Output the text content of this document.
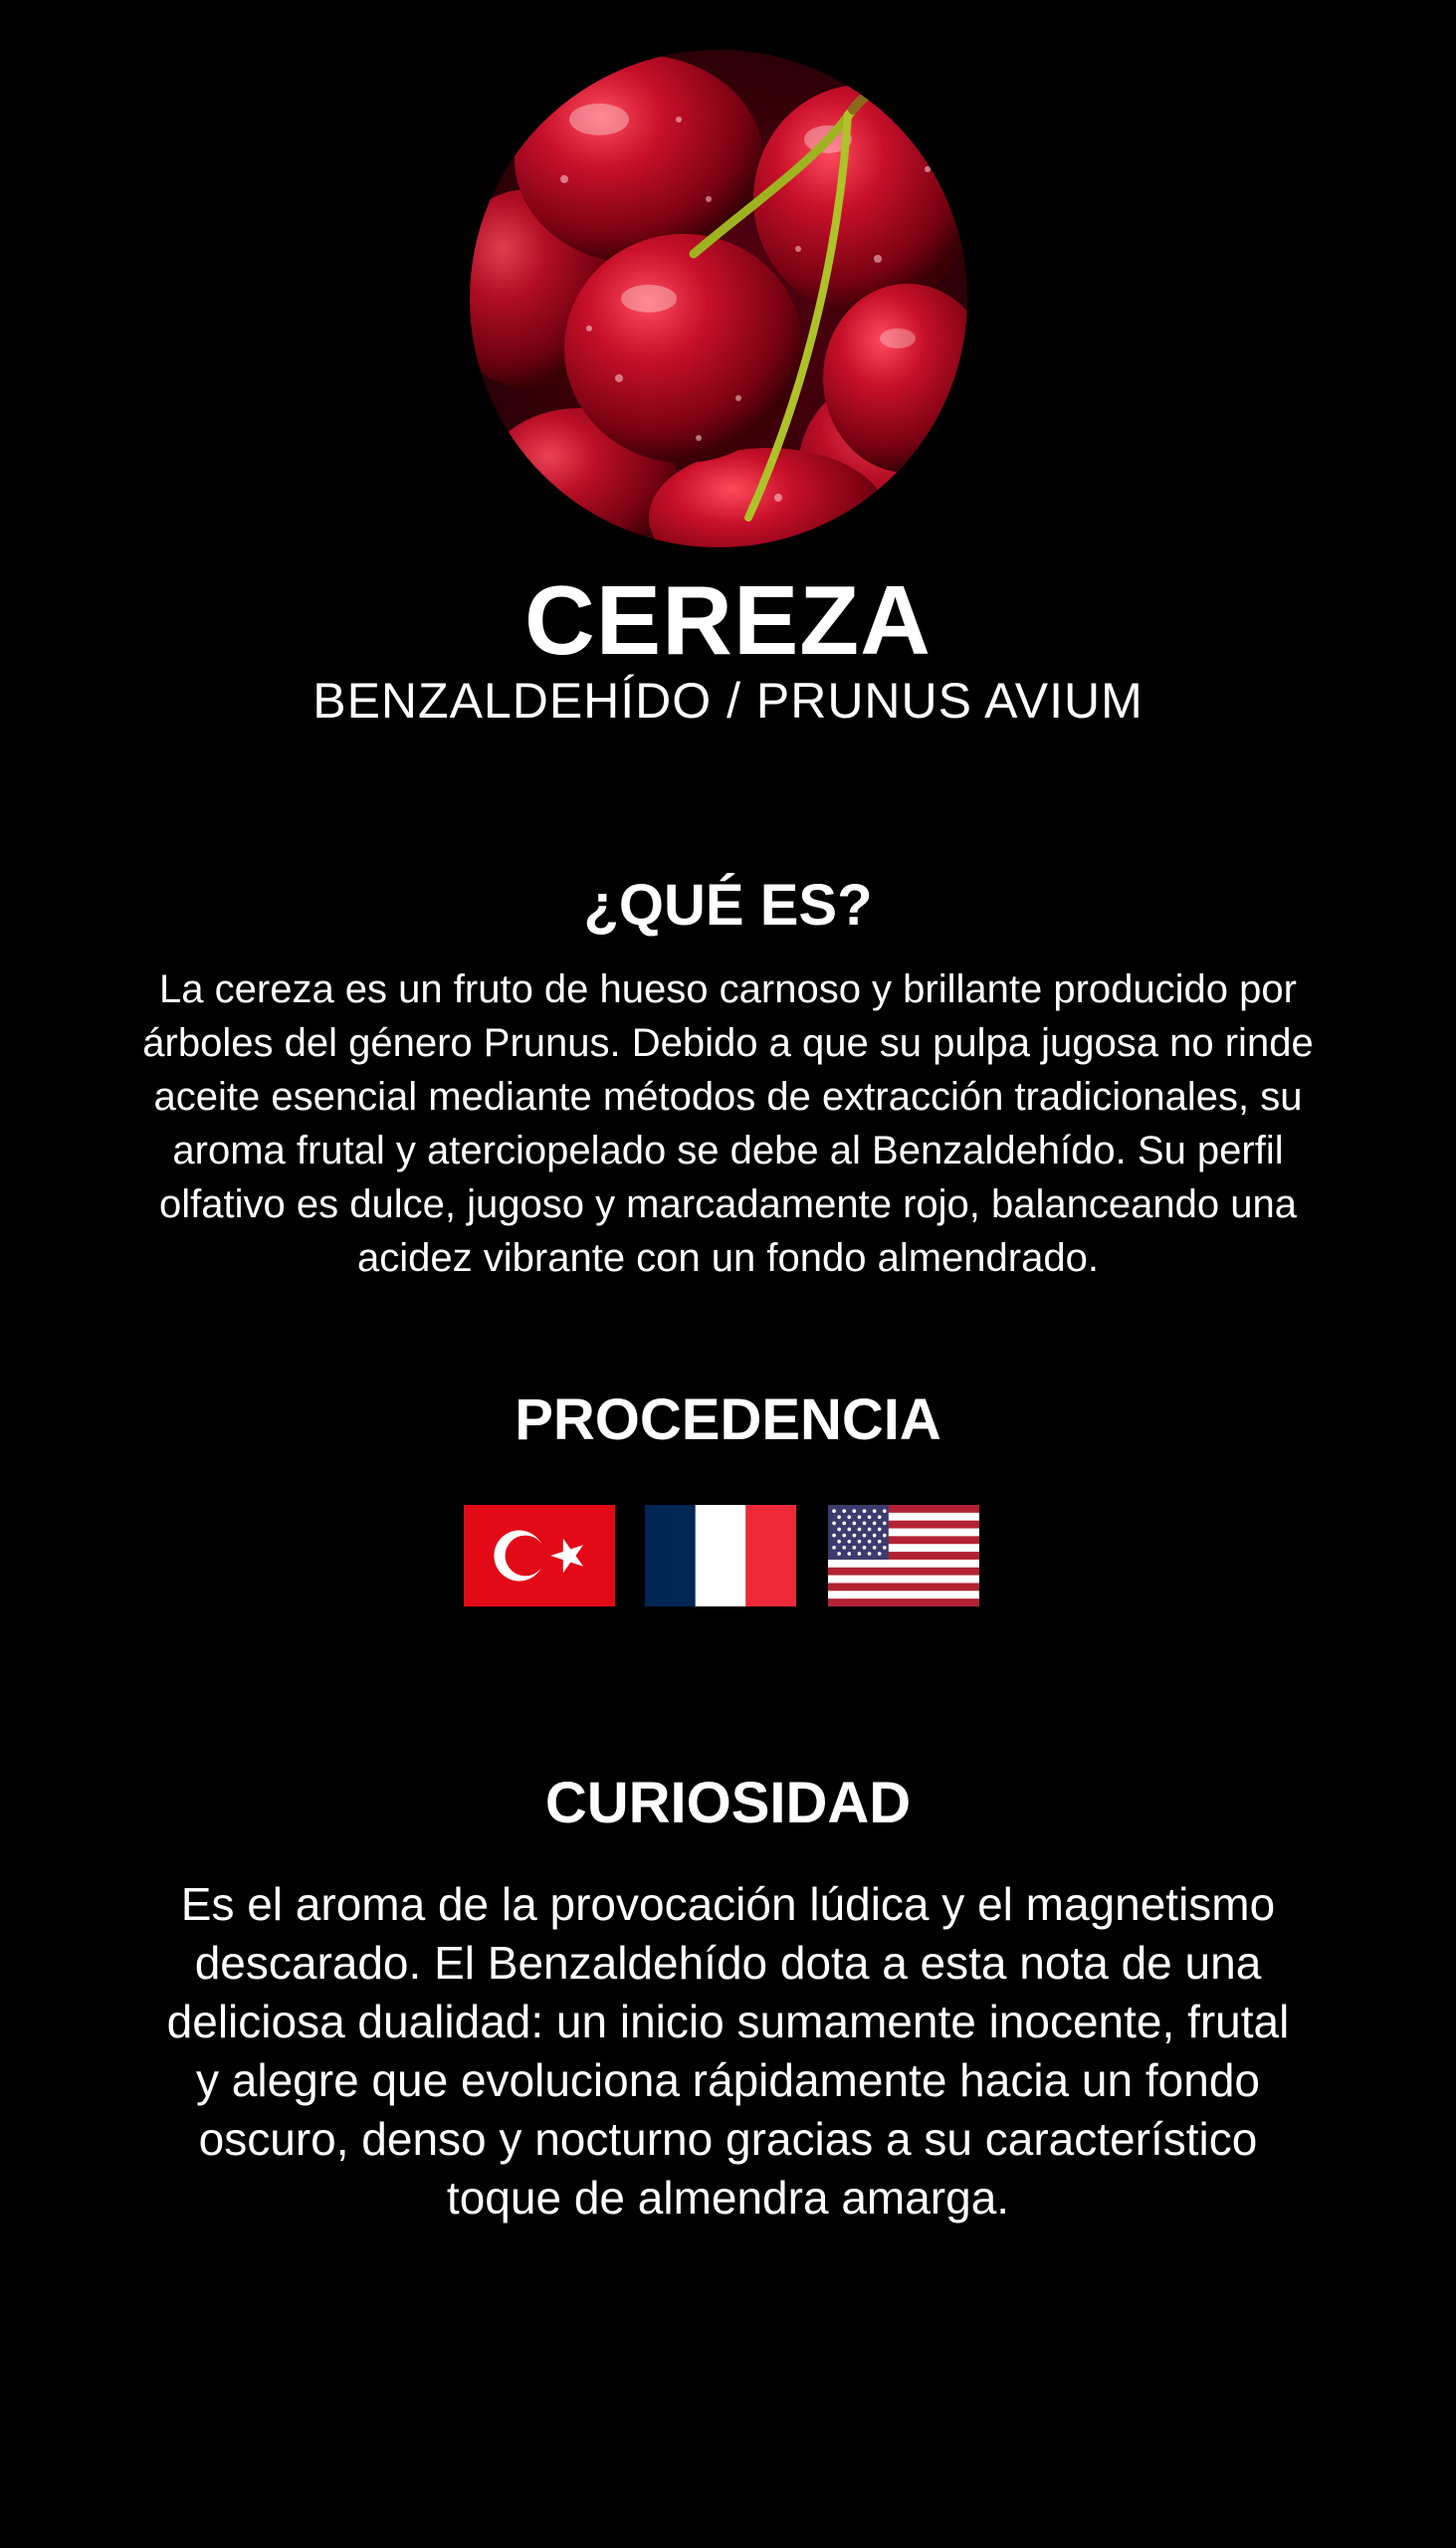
CEREZA
BENZALDEHÍDO / PRUNUS AVIUM
¿QUÉ ES?
La cereza es un fruto de hueso carnoso y brillante producido por
árboles del género Prunus. Debido a que su pulpa jugosa no rinde
aceite esencial mediante métodos de extracción tradicionales, su
aroma frutal y aterciopelado se debe al Benzaldehído. Su perfil
olfativo es dulce, jugoso y marcadamente rojo, balanceando una
acidez vibrante con un fondo almendrado.
PROCEDENCIA
CURIOSIDAD
Es el aroma de la provocación lúdica y el magnetismo
descarado. El Benzaldehído dota a esta nota de una
deliciosa dualidad: un inicio sumamente inocente, frutal
y alegre que evoluciona rápidamente hacia un fondo
oscuro, denso y nocturno gracias a su característico
toque de almendra amarga.
